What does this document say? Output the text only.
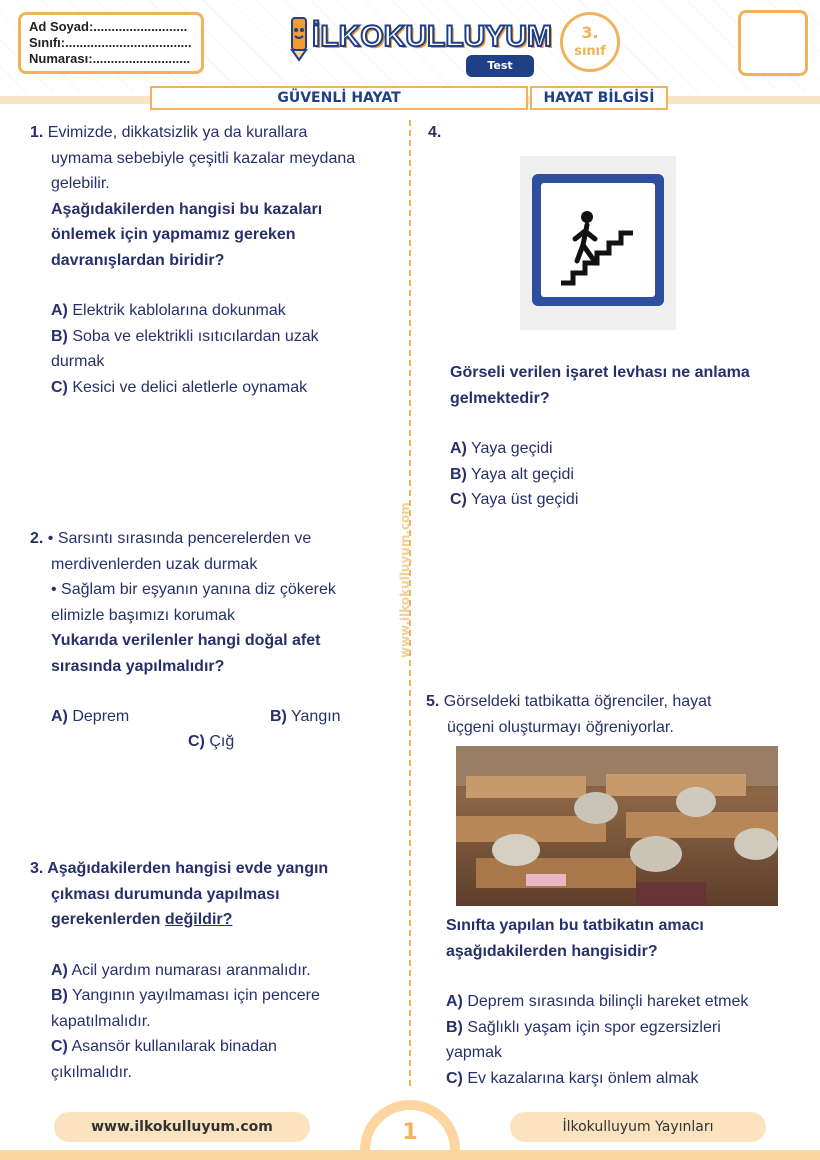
Ad Soyad:..........................
Sınıfı:...................................
Numarası:...........................
İLKOKULLUYUM
Test
3.
sınıf
GÜVENLİ HAYAT	HAYAT BİLGİSİ
www.ilkokulluyum.com
1. Evimizde, dikkatsizlik ya da kurallara
uymama sebebiyle çeşitli kazalar meydana
gelebilir.
Aşağıdakilerden hangisi bu kazaları
önlemek için yapmamız gereken
davranışlardan biridir?
A) Elektrik kablolarına dokunmak
B) Soba ve elektrikli ısıtıcılardan uzak
durmak
C) Kesici ve delici aletlerle oynamak
2. • Sarsıntı sırasında pencerelerden ve
merdivenlerden uzak durmak
• Sağlam bir eşyanın yanına diz çökerek
elimizle başımızı korumak
Yukarıda verilenler hangi doğal afet
sırasında yapılmalıdır?
A) Deprem	B) Yangın
C) Çığ
3. Aşağıdakilerden hangisi evde yangın
çıkması durumunda yapılması
gerekenlerden değildir?
A) Acil yardım numarası aranmalıdır.
B) Yangının yayılmaması için pencere
kapatılmalıdır.
C) Asansör kullanılarak binadan
çıkılmalıdır.
4.
Görseli verilen işaret levhası ne anlama
gelmektedir?
A) Yaya geçidi
B) Yaya alt geçidi
C) Yaya üst geçidi
5. Görseldeki tatbikatta öğrenciler, hayat
üçgeni oluşturmayı öğreniyorlar.
Sınıfta yapılan bu tatbikatın amacı
aşağıdakilerden hangisidir?
A) Deprem sırasında bilinçli hareket etmek
B) Sağlıklı yaşam için spor egzersizleri
yapmak
C) Ev kazalarına karşı önlem almak
1
www.ilkokulluyum.com	İlkokulluyum Yayınları
